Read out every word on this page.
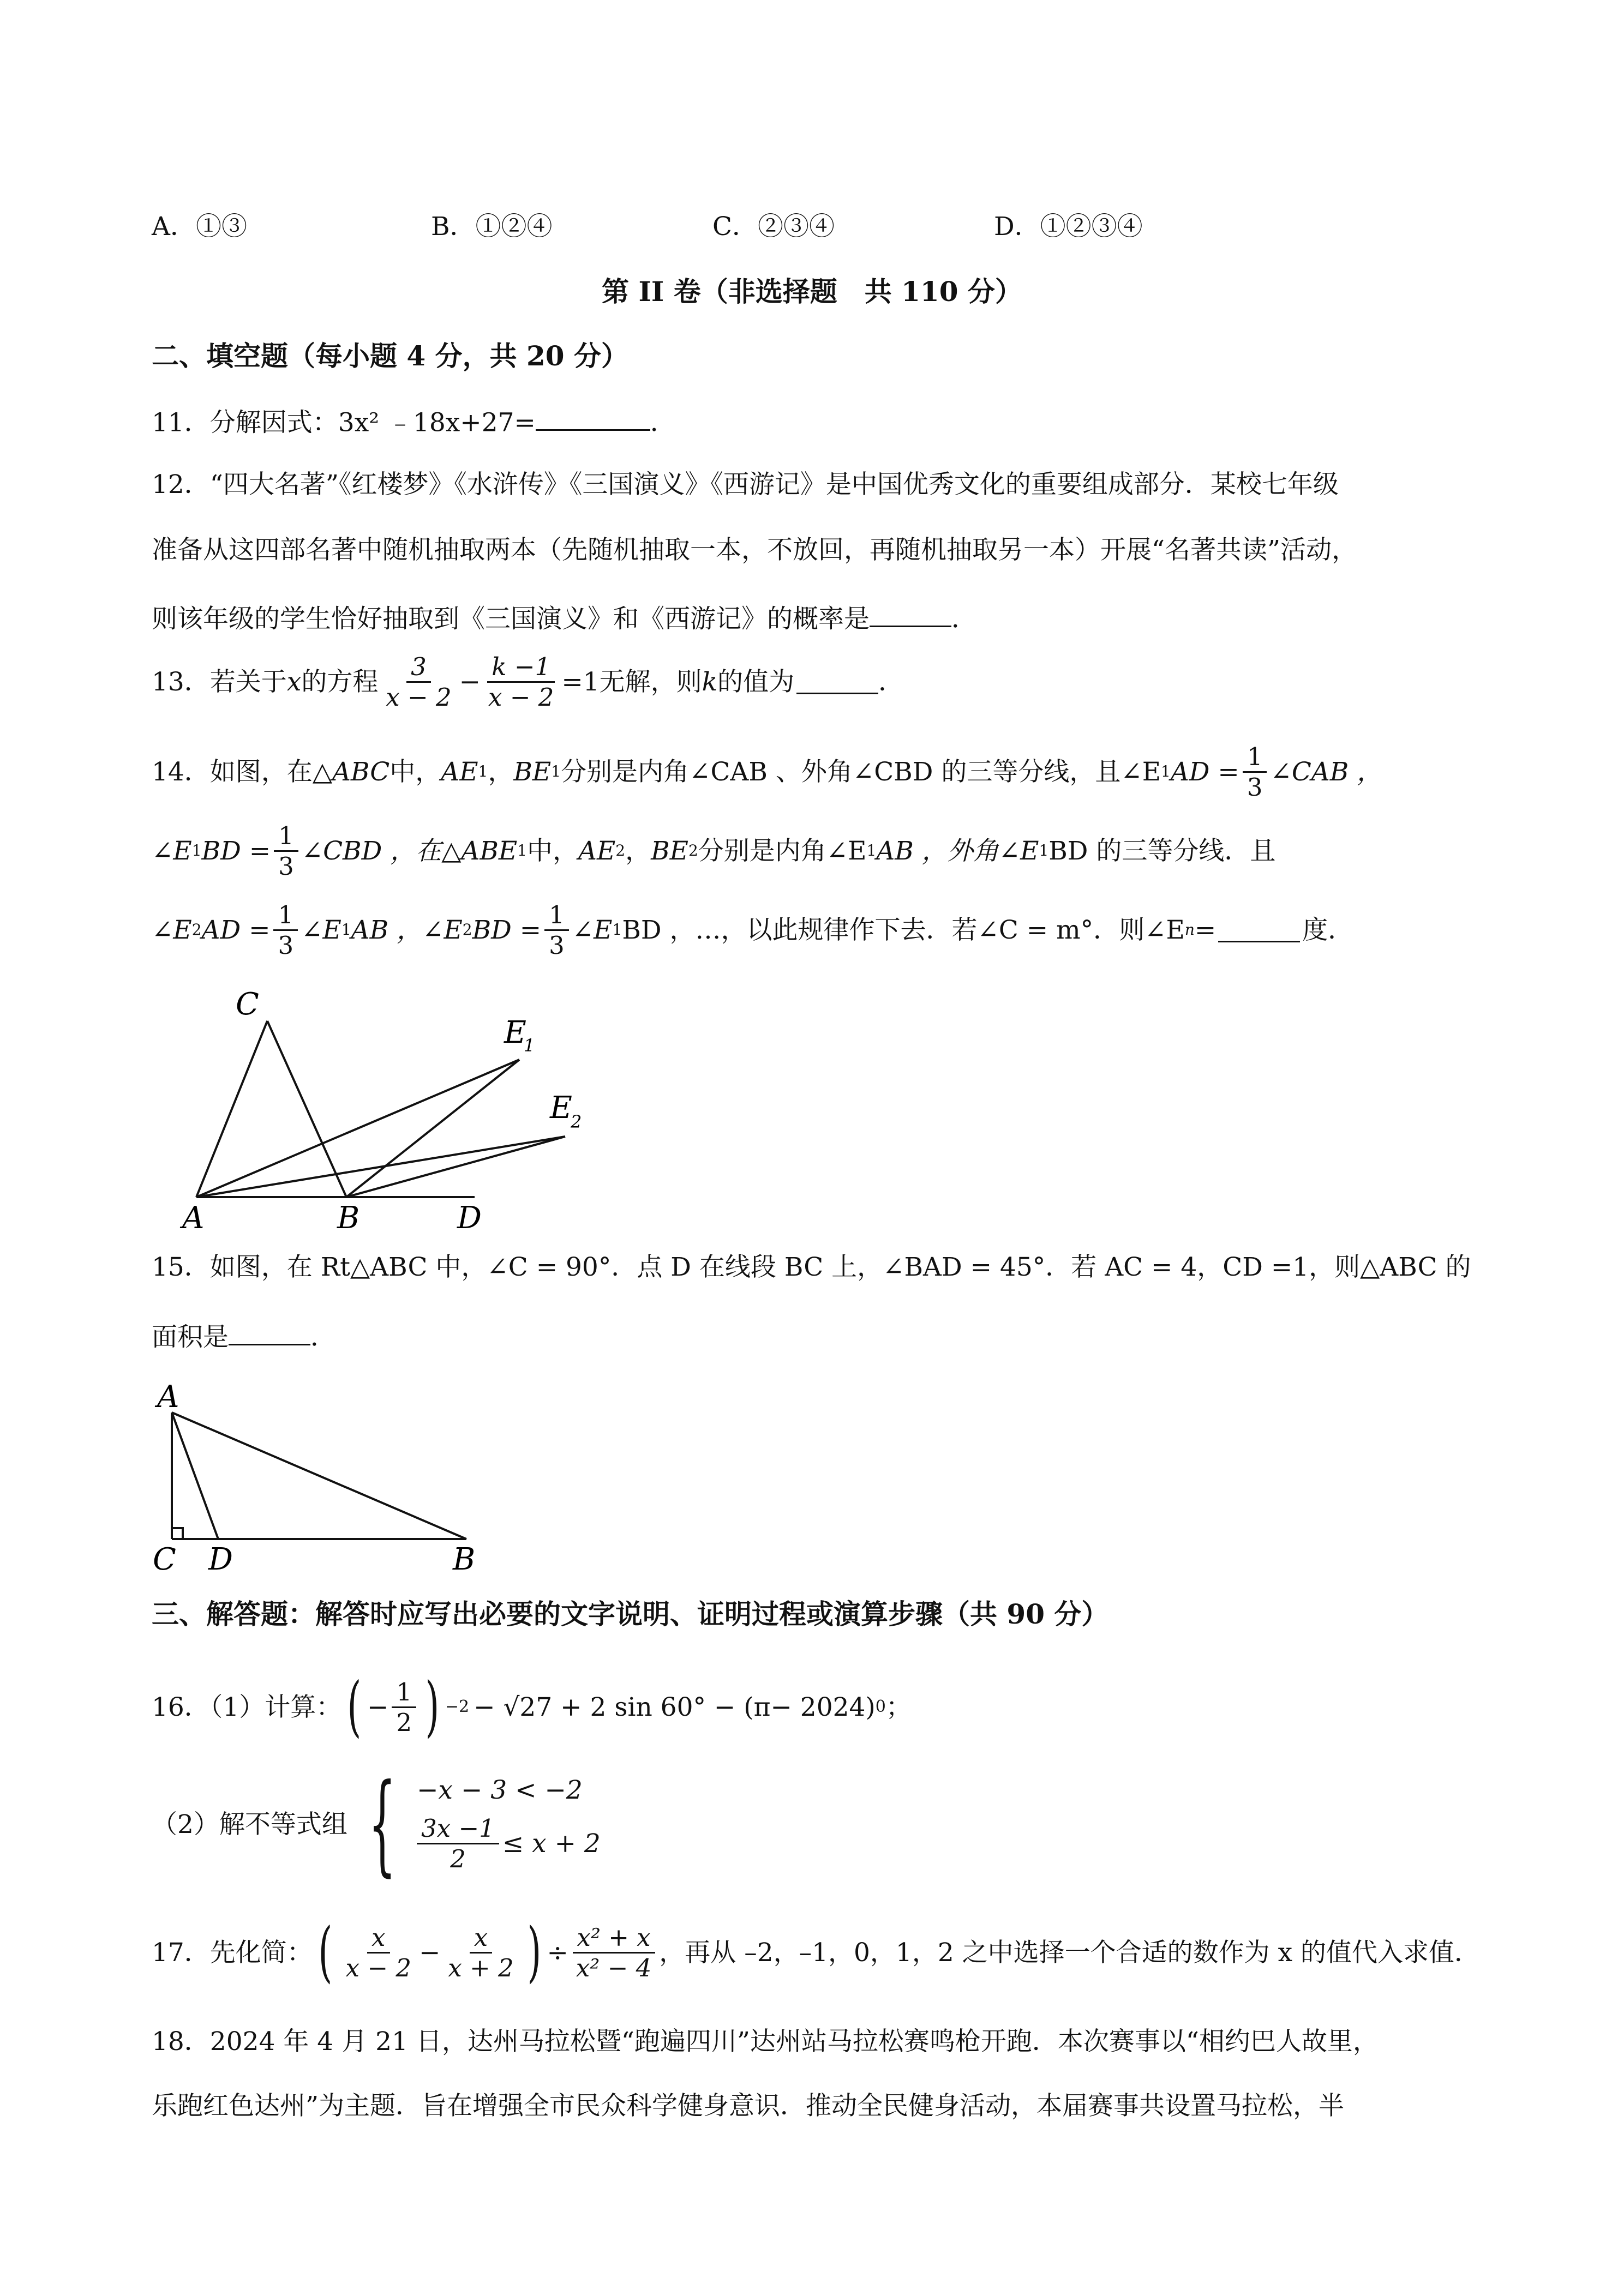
A．①③	B．①②④	C．②③④	D．①②③④
第 II 卷（非选择题　共 110 分）
二、填空题（每小题 4 分，共 20 分）
11．分解因式：3x² ﹣18x+27=	．
12．“四大名著”《红楼梦》《水浒传》《三国演义》《西游记》是中国优秀文化的重要组成部分．某校七年级
准备从这四部名著中随机抽取两本（先随机抽取一本，不放回，再随机抽取另一本）开展“名著共读”活动，
则该年级的学生恰好抽取到《三国演义》和《西游记》的概率是	．
13．若关于 x 的方程 $\frac{3}{x - 2} - \frac{k -1}{x - 2} =1$ 无解，则 k 的值为	．
14．如图，在 △ABC 中， AE 1 ， BE 1 分别是内角∠CAB 、外角∠CBD 的三等分线，且∠E 1 AD = $\frac{1}{3}$ ∠CAB ，
∠E 1 BD = $\frac{1}{3}$ ∠CBD ，在 △ABE 1 中， AE 2 ， BE 2 分别是内角∠E 1 AB ，外角∠E 1 BD 的三等分线．且
∠E 2 AD = $\frac{1}{3}$ ∠E 1 AB ，∠E 2 BD = $\frac{1}{3}$ ∠E 1 BD ，…，以此规律作下去．若∠C = m°．则∠E n =	度．
C
E
1
E
2
A	B	D
15．如图，在 Rt△ABC 中，∠C = 90°．点 D 在线段 BC 上，∠BAD = 45°．若 AC = 4，CD =1，则△ABC 的
面积是	．
A
C D	B
三、解答题：解答时应写出必要的文字说明、证明过程或演算步骤（共 90 分）
16．（1）计算： ( − $\frac{1}{2}$ ) −2 − √27 + 2 sin 60° − (π− 2024) 0 ；
（2）解不等式组 { −x − 3 < −2
$\frac{3x -1}{2} \le x + 2$
17．先化简： ( $\frac{x}{x - 2} - \frac{x}{x + 2}$ ) ÷ $\frac{\text{x² + x}}{\text{x² − 4}}$ ，再从 –2，–1，0，1，2 之中选择一个合适的数作为 x 的值代入求值．
18．2024 年 4 月 21 日，达州马拉松暨“跑遍四川”达州站马拉松赛鸣枪开跑．本次赛事以“相约巴人故里，
乐跑红色达州”为主题．旨在增强全市民众科学健身意识．推动全民健身活动，本届赛事共设置马拉松，半
